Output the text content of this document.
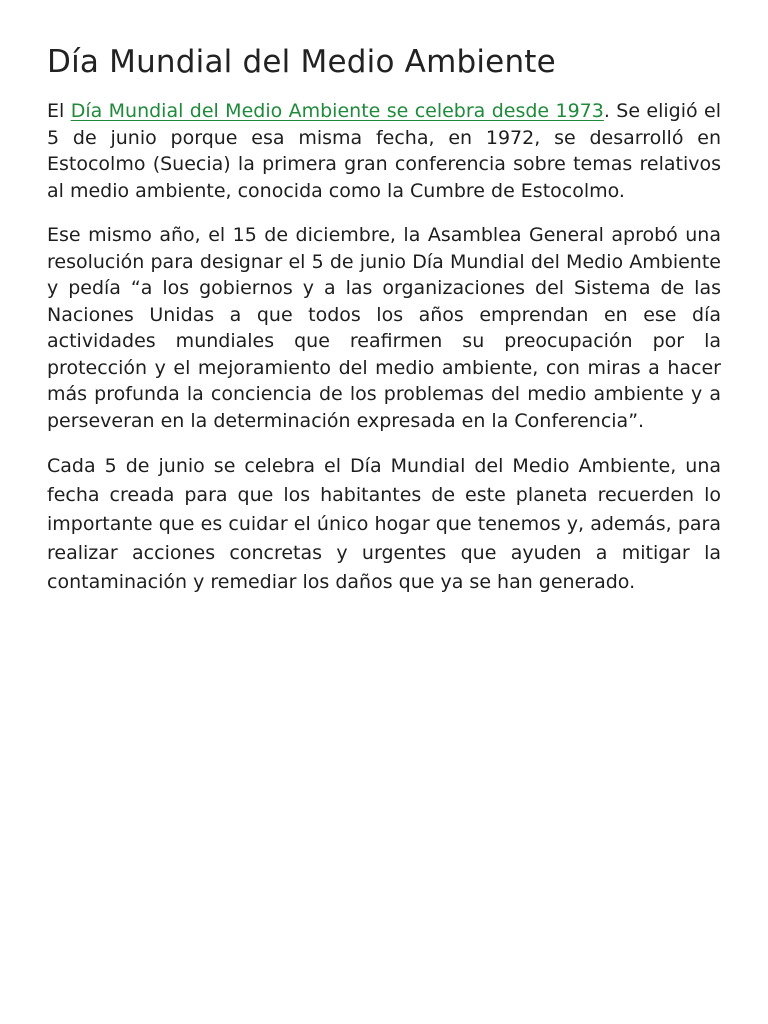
Día Mundial del Medio Ambiente

El Día Mundial del Medio Ambiente se celebra desde 1973. Se eligió el 5 de junio porque esa misma fecha, en 1972, se desarrolló en Estocolmo (Suecia) la primera gran conferencia sobre temas relativos al medio ambiente, conocida como la Cumbre de Estocolmo.

Ese mismo año, el 15 de diciembre, la Asamblea General aprobó una resolución para designar el 5 de junio Día Mundial del Medio Ambiente y pedía “a los gobiernos y a las organizaciones del Sistema de las Naciones Unidas a que todos los años emprendan en ese día actividades mundiales que reafirmen su preocupación por la protección y el mejoramiento del medio ambiente, con miras a hacer más profunda la conciencia de los problemas del medio ambiente y a perseveran en la determinación expresada en la Conferencia”.

Cada 5 de junio se celebra el Día Mundial del Medio Ambiente, una fecha creada para que los habitantes de este planeta recuerden lo importante que es cuidar el único hogar que tenemos y, además, para realizar acciones concretas y urgentes que ayuden a mitigar la contaminación y remediar los daños que ya se han generado.
